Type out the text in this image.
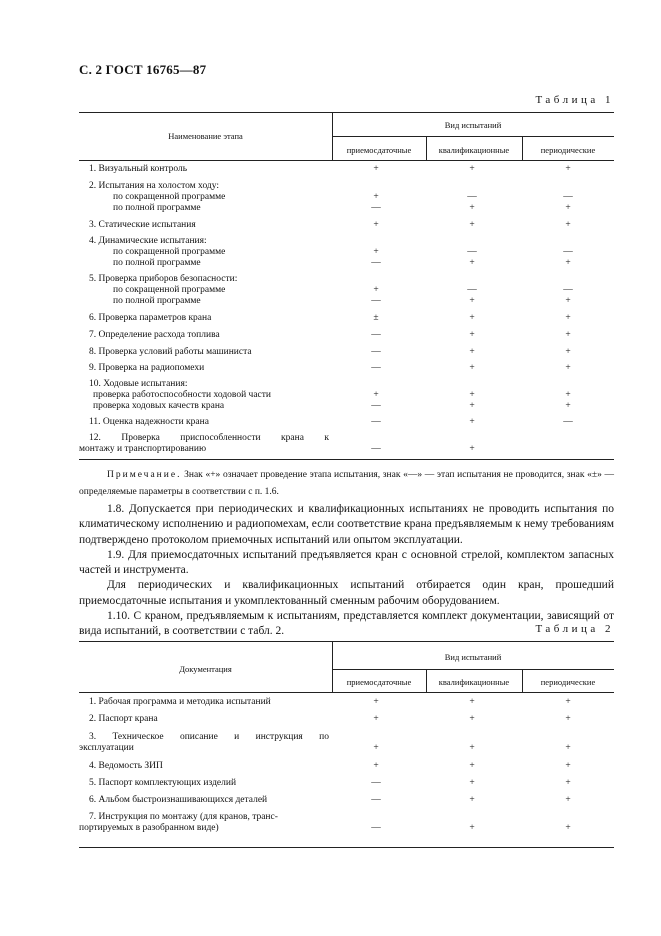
С. 2 ГОСТ 16765—87
Таблица 1
Наименование этапа
Вид испытаний
приемосдаточные	квалификационные	периодические
1. Визуальный контроль	+	+	+
2. Испытания на холостом ходу:
по сокращенной программе
по полной программе
+	—	—
—	+	+
3. Статические испытания	+	+	+
4. Динамические испытания:
по сокращенной программе
по полной программе
+	—	—
—	+	+
5. Проверка приборов безопасности:
по сокращенной программе
по полной программе
+	—	—
—	+	+
6. Проверка параметров крана	±	+	+
7. Определение расхода топлива	—	+	+
8. Проверка условий работы машиниста	—	+	+
9. Проверка на радиопомехи	—	+	+
10. Ходовые испытания:
проверка работоспособности ходовой части
проверка ходовых качеств крана
+	+	+
—	+	+
11. Оценка надежности крана	—	+	—
12. Проверка приспособленности крана к
монтажу и транспортированию	—	+
Примечание. Знак «+» означает проведение этапа испытания, знак «—» — этап испытания не проводится, знак «±» — определяемые параметры в соответствии с п. 1.6.

1.8. Допускается при периодических и квалификационных испытаниях не проводить испытания по климатическому исполнению и радиопомехам, если соответствие крана предъявляемым к нему требованиям подтверждено протоколом приемочных испытаний или опытом эксплуатации.

1.9. Для приемосдаточных испытаний предъявляется кран с основной стрелой, комплектом запасных частей и инструмента.

Для периодических и квалификационных испытаний отбирается один кран, прошедший приемосдаточные испытания и укомплектованный сменным рабочим оборудованием.

1.10. С краном, предъявляемым к испытаниям, представляется комплект документации, зависящий от вида испытаний, в соответствии с табл. 2.	Таблица 2
Документация
Вид испытаний
приемосдаточные	квалификационные	периодические
1. Рабочая программа и методика испытаний	+	+	+
2. Паспорт крана	+	+	+
3. Техническое описание и инструкция по
эксплуатации	+	+	+
4. Ведомость ЗИП	+	+	+
5. Паспорт комплектующих изделий	—	+	+
6. Альбом быстроизнашивающихся деталей	—	+	+
7. Инструкция по монтажу (для кранов, транс-
портируемых в разобранном виде)	—	+	+
